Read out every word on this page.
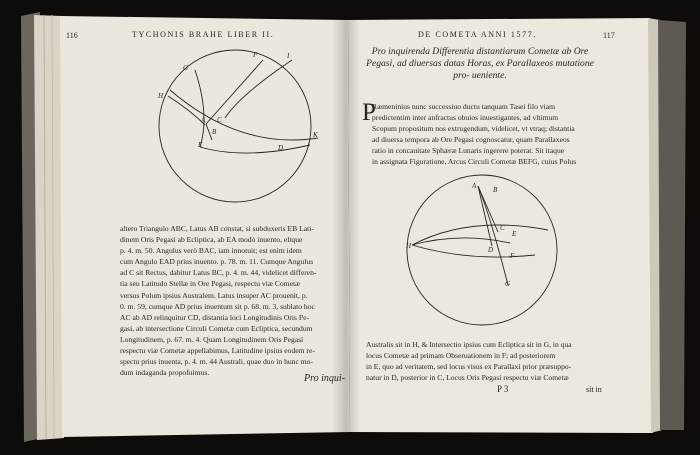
116	TYCHONIS BRAHE LIBER II.
G
F	I
H
A C
B
E	D
K
altero Triangulo ABC, Latus AB constat, si subduxeris EB Lati-
dinem Oris Pegasi ab Ecliptica, ab EA modò inuento, eltque
p. 4. m. 50. Angulus verò BAC, iam innotuit; est enim idem
cum Angulo EAD prius inuento. p. 78. m. 11. Cumque Angulus
ad C sit Rectus, dabitur Latus BC, p. 4. m. 44, videlicet differen-
tia seu Latitudo Stellæ in Ore Pegasi, respectu viæ Cometæ
versus Polum ipsius Australem. Latus insuper AC prouenit, p.
0. m. 59, cumque AD prius inuentum sit p. 68. m. 3, sublato hoc
AC ab AD relinquitur CD, distantia loci Longitudinis Oris Pe-
gasi, ab intersectione Circuli Cometæ cum Ecliptica, secundum
Longitudinem, p. 67. m. 4. Quam Longitudinem Oris Pegasi
respectu viæ Cometæ appellabimus, Latitudine ipsius eodem re-
spectu prius inuenta, p. 4. m. 44 Australi, quae duo in hunc mo-
dum indaganda propofuimus.
Pro inqui-
DE COMETA ANNI 1577.	117
Pro inquirenda Differentia distantiarum Cometæ ab Ore Pegasi, ad diuersas datas Horas, ex Parallaxeos mutatione pro- ueniente.
P
Ræmeninius nunc successiuo ductu tanquam Tasei filo viam
predictentim inter anfractus obuios inuestigantes, ad vltimum
Scopum propositum nos extrugendum, videlicet, vt vtraq; distantia
ad diuersa tempora ab Ore Pegasi cognoscatur, quam Parallaxeos
ratio in concauitate Sphæræ Lunaris ingerere poterat. Sit itaque
in assignata Figuratione, Arcus Circuli Cometæ BEFG, cuius Polus
A B
C
E
H	D
F
G
Australis sit in H, & Intersectio ipsius cum Ecliptica sit in G, in qua
locus Cometæ ad primam Obseruationem in F; ad posteriorem
in E, quo ad veritatem, sed locus visus ex Parallaxi prior præsuppo-
natur in D, posterior in C, Locus Oris Pegasi respectu viæ Cometæ
P 3	sit in
